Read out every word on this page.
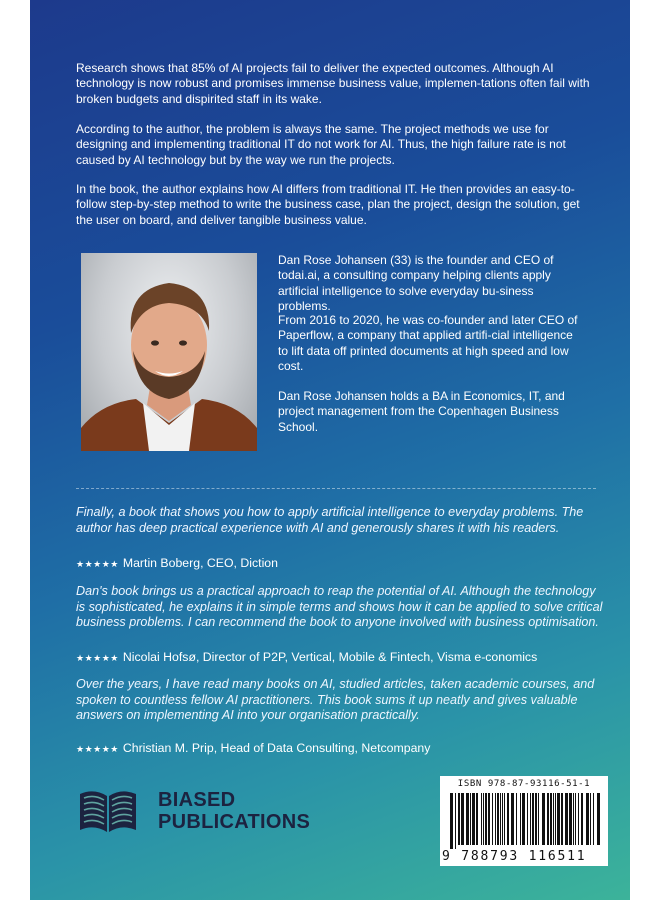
Research shows that 85% of AI projects fail to deliver the expected outcomes. Although AI technology is now robust and promises immense business value, implemen-tations often fail with broken budgets and dispirited staff in its wake.

According to the author, the problem is always the same. The project methods we use for designing and implementing traditional IT do not work for AI. Thus, the high failure rate is not caused by AI technology but by the way we run the projects.

In the book, the author explains how AI differs from traditional IT. He then provides an easy-to-follow step-by-step method to write the business case, plan the project, design the solution, get the user on board, and deliver tangible business value.

Dan Rose Johansen (33) is the founder and CEO of todai.ai, a consulting company helping clients apply artificial intelligence to solve everyday bu-siness problems.

From 2016 to 2020, he was co-founder and later CEO of Paperflow, a company that applied artifi-cial intelligence to lift data off printed documents at high speed and low cost.

Dan Rose Johansen holds a BA in Economics, IT, and project management from the Copenhagen Business School.

Finally, a book that shows you how to apply artificial intelligence to everyday problems. The author has deep practical experience with AI and generously shares it with his readers.

★★★★★ Martin Boberg, CEO, Diction

Dan's book brings us a practical approach to reap the potential of AI. Although the technology is sophisticated, he explains it in simple terms and shows how it can be applied to solve critical business problems. I can recommend the book to anyone involved with business optimisation.

★★★★★ Nicolai Hofsø, Director of P2P, Vertical, Mobile & Fintech, Visma e-conomics

Over the years, I have read many books on AI, studied articles, taken academic courses, and spoken to countless fellow AI practitioners. This book sums it up neatly and gives valuable answers on implementing AI into your organisation practically.

★★★★★ Christian M. Prip, Head of Data Consulting, Netcompany

BIASED
PUBLICATIONS
ISBN 978-87-93116-51-1
9 788793 116511
